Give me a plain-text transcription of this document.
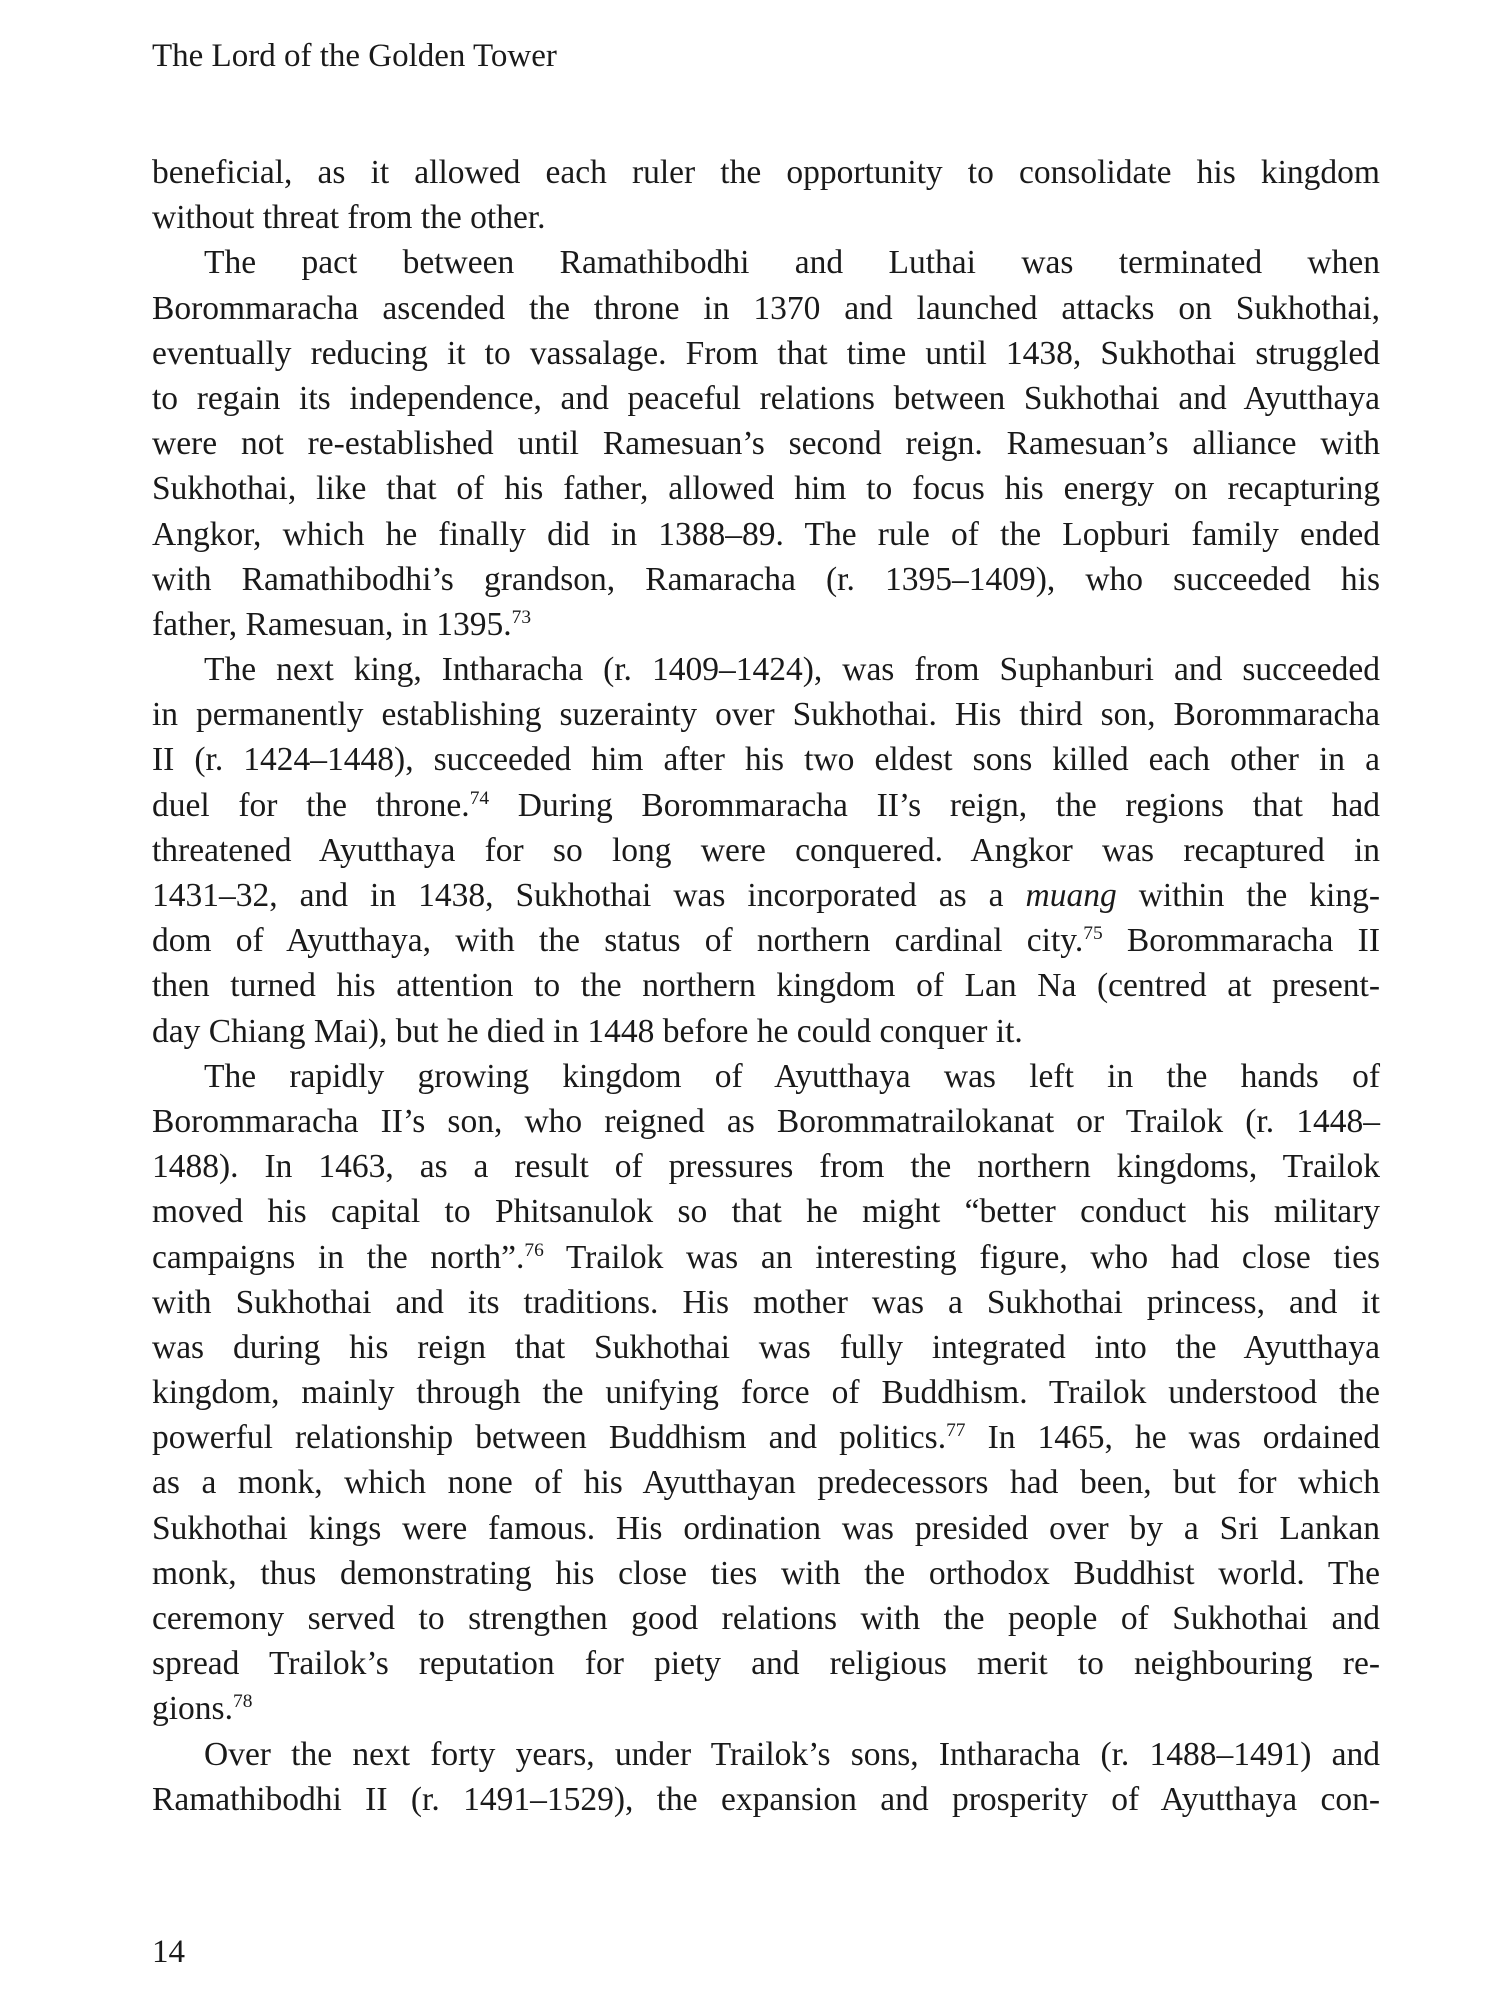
The Lord of the Golden Tower
beneficial, as it allowed each ruler the opportunity to consolidate his kingdom
without threat from the other.
The pact between Ramathibodhi and Luthai was terminated when
Borommaracha ascended the throne in 1370 and launched attacks on Sukhothai,
eventually reducing it to vassalage. From that time until 1438, Sukhothai struggled
to regain its independence, and peaceful relations between Sukhothai and Ayutthaya
were not re-established until Ramesuan’s second reign. Ramesuan’s alliance with
Sukhothai, like that of his father, allowed him to focus his energy on recapturing
Angkor, which he finally did in 1388–89. The rule of the Lopburi family ended
with Ramathibodhi’s grandson, Ramaracha (r. 1395–1409), who succeeded his
father, Ramesuan, in 1395.73
The next king, Intharacha (r. 1409–1424), was from Suphanburi and succeeded
in permanently establishing suzerainty over Sukhothai. His third son, Borommaracha
II (r. 1424–1448), succeeded him after his two eldest sons killed each other in a
duel for the throne.$^{74}$ During Borommaracha II’s reign, the regions that had
threatened Ayutthaya for so long were conquered. Angkor was recaptured in
1431–32, and in 1438, Sukhothai was incorporated as a muang within the king-
dom of Ayutthaya, with the status of northern cardinal city.$^{75}$ Borommaracha II
then turned his attention to the northern kingdom of Lan Na (centred at present-
day Chiang Mai), but he died in 1448 before he could conquer it.
The rapidly growing kingdom of Ayutthaya was left in the hands of
Borommaracha II’s son, who reigned as Borommatrailokanat or Trailok (r. 1448–
1488). In 1463, as a result of pressures from the northern kingdoms, Trailok
moved his capital to Phitsanulok so that he might “better conduct his military
campaigns in the north”.$^{76}$ Trailok was an interesting figure, who had close ties
with Sukhothai and its traditions. His mother was a Sukhothai princess, and it
was during his reign that Sukhothai was fully integrated into the Ayutthaya
kingdom, mainly through the unifying force of Buddhism. Trailok understood the
powerful relationship between Buddhism and politics.$^{77}$ In 1465, he was ordained
as a monk, which none of his Ayutthayan predecessors had been, but for which
Sukhothai kings were famous. His ordination was presided over by a Sri Lankan
monk, thus demonstrating his close ties with the orthodox Buddhist world. The
ceremony served to strengthen good relations with the people of Sukhothai and
spread Trailok’s reputation for piety and religious merit to neighbouring re-
gions.$^{78}$
Over the next forty years, under Trailok’s sons, Intharacha (r. 1488–1491) and
Ramathibodhi II (r. 1491–1529), the expansion and prosperity of Ayutthaya con-
14
